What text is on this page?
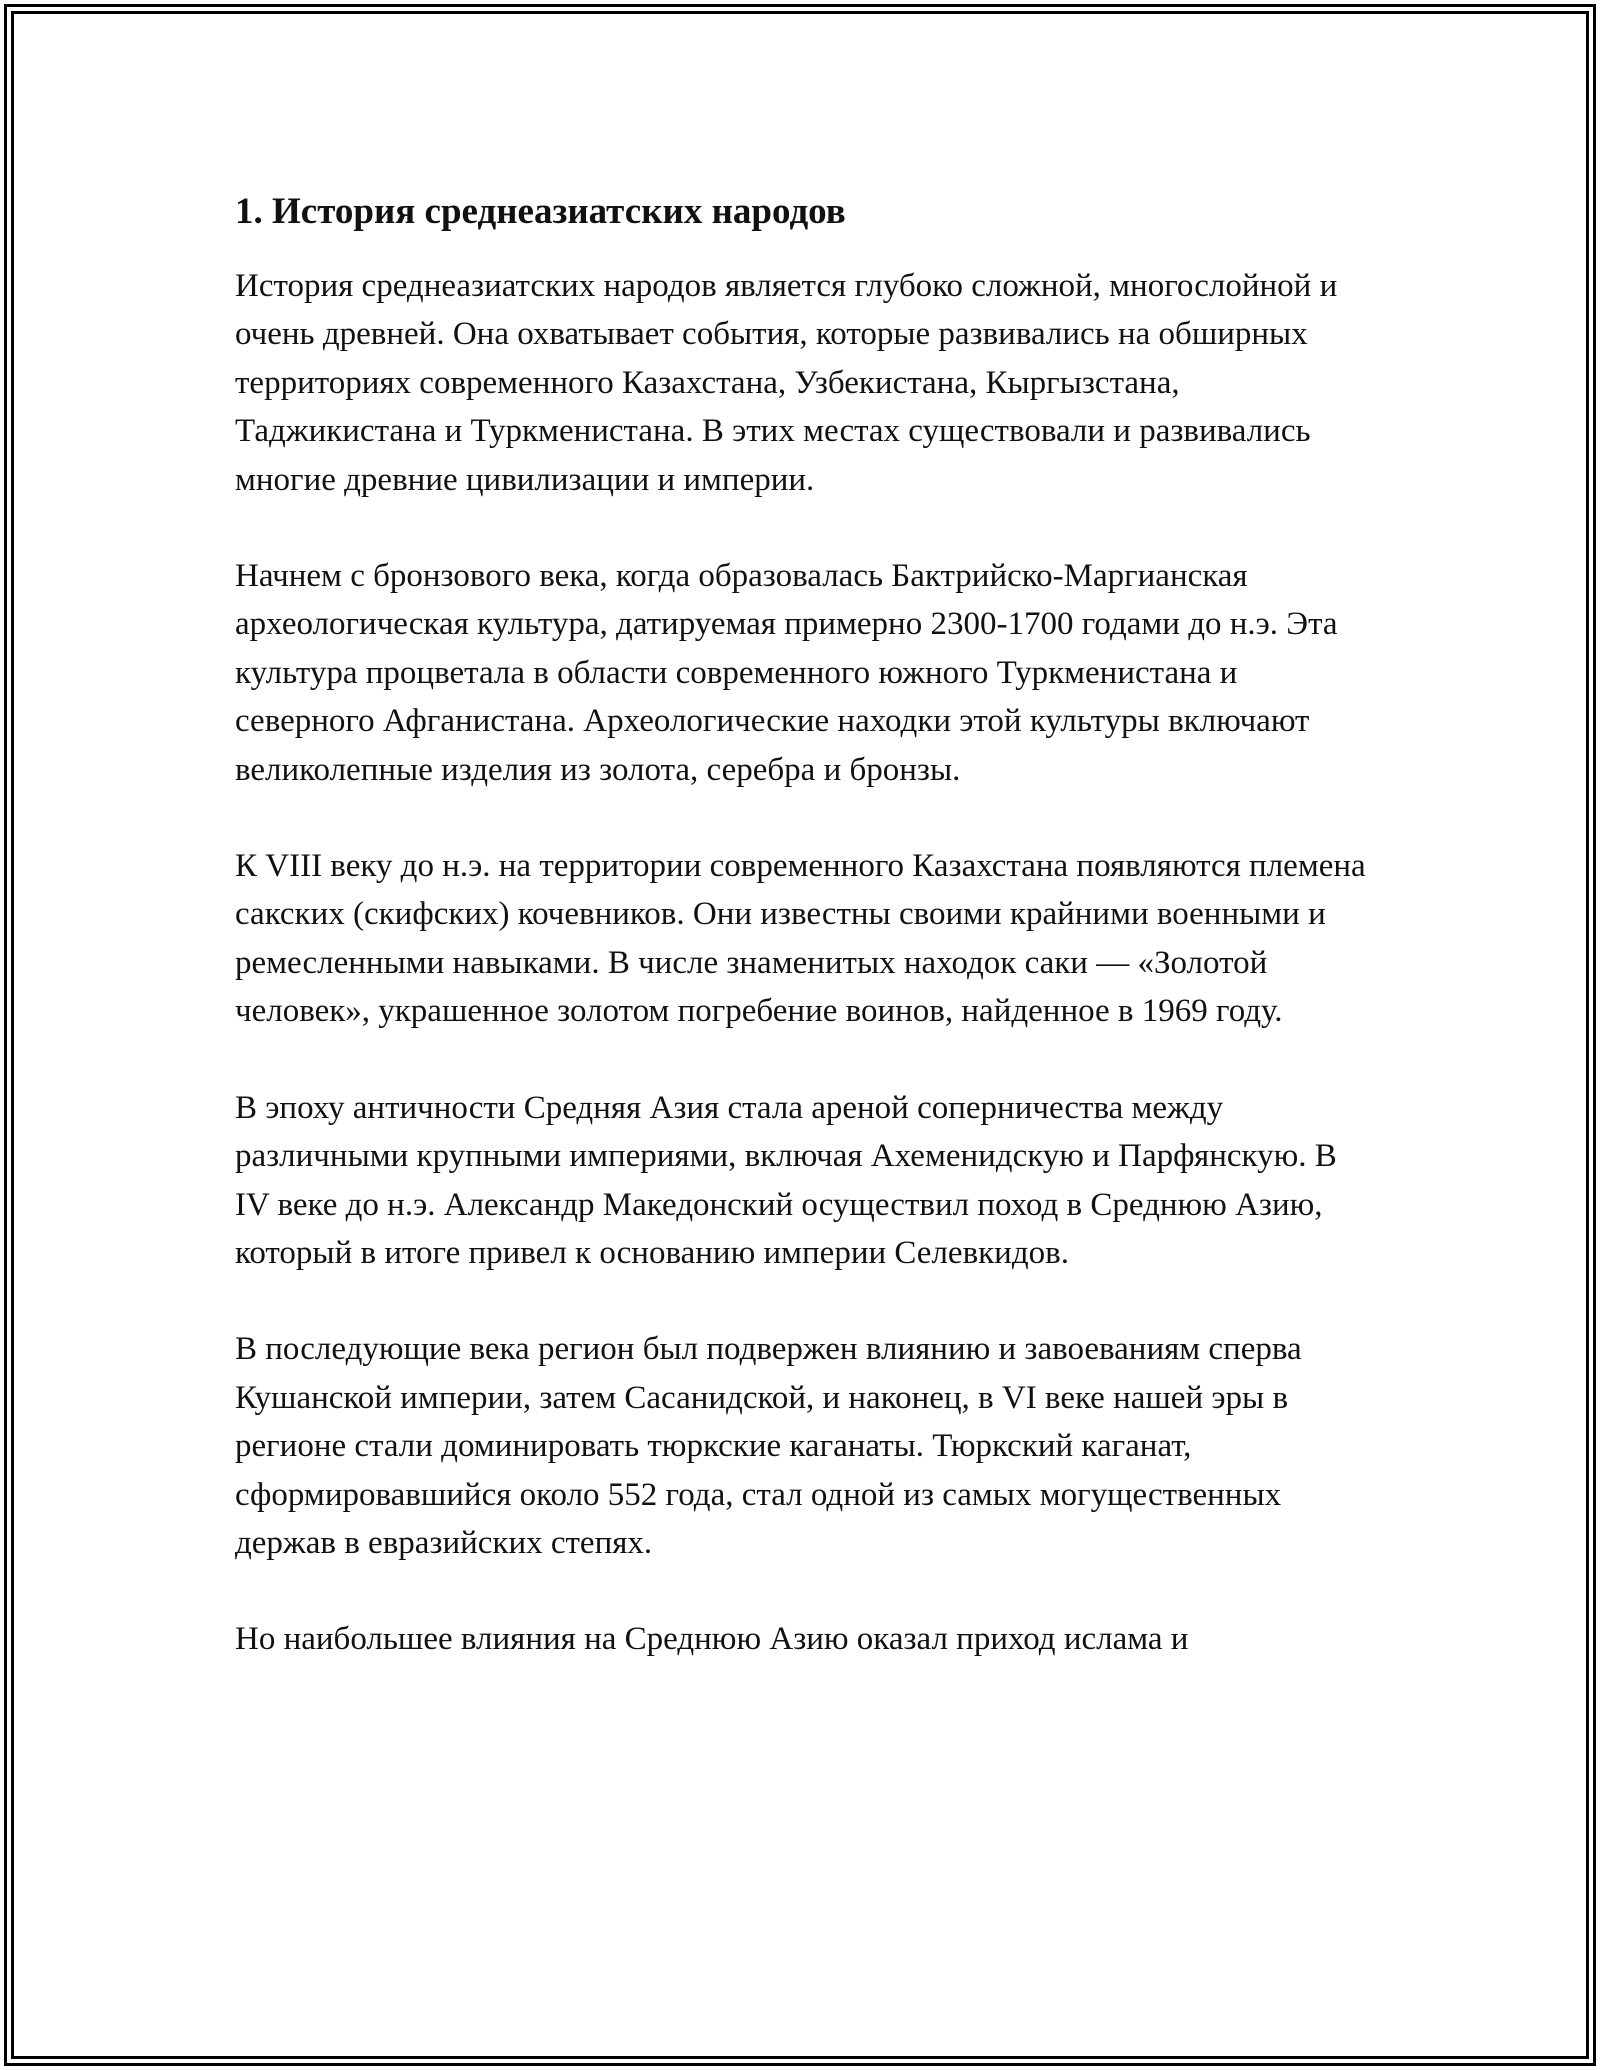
1. История среднеазиатских народов

История среднеазиатских народов является глубоко сложной, многослойной и очень древней. Она охватывает события, которые развивались на обширных территориях современного Казахстана, Узбекистана, Кыргызстана, Таджикистана и Туркменистана. В этих местах существовали и развивались многие древние цивилизации и империи.

Начнем с бронзового века, когда образовалась Бактрийско-Маргианская археологическая культура, датируемая примерно 2300-1700 годами до н.э. Эта культура процветала в области современного южного Туркменистана и северного Афганистана. Археологические находки этой культуры включают великолепные изделия из золота, серебра и бронзы.

К VIII веку до н.э. на территории современного Казахстана появляются племена сакских (скифских) кочевников. Они известны своими крайними военными и ремесленными навыками. В числе знаменитых находок саки — «Золотой человек», украшенное золотом погребение воинов, найденное в 1969 году.

В эпоху античности Средняя Азия стала ареной соперничества между различными крупными империями, включая Ахеменидскую и Парфянскую. В IV веке до н.э. Александр Македонский осуществил поход в Среднюю Азию, который в итоге привел к основанию империи Селевкидов.

В последующие века регион был подвержен влиянию и завоеваниям сперва Кушанской империи, затем Сасанидской, и наконец, в VI веке нашей эры в регионе стали доминировать тюркские каганаты. Тюркский каганат, сформировавшийся около 552 года, стал одной из самых могущественных держав в евразийских степях.

Но наибольшее влияния на Среднюю Азию оказал приход ислама и
